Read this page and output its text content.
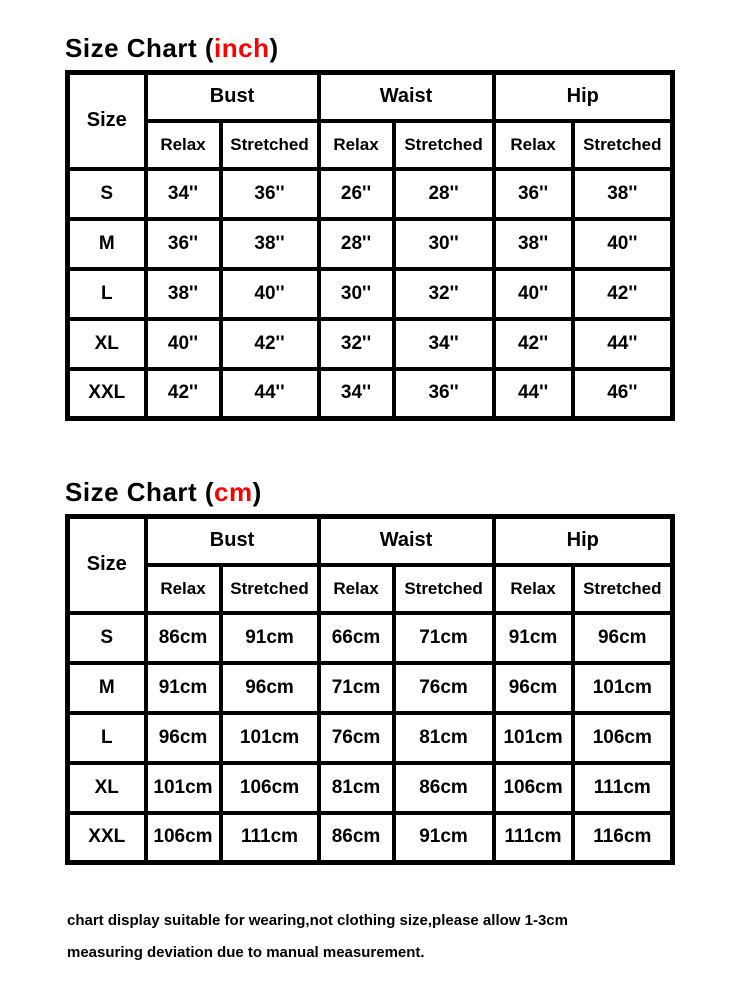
Size Chart (inch)
Size	Bust		Waist		Hip	
	Relax	Stretched	Relax	Stretched	Relax	Stretched
S	34''	36''	26''	28''	36''	38''
M	36''	38''	28''	30''	38''	40''
L	38''	40''	30''	32''	40''	42''
XL	40''	42''	32''	34''	42''	44''
XXL	42''	44''	34''	36''	44''	46''
Size Chart (cm)
Size	Bust		Waist		Hip	
	Relax	Stretched	Relax	Stretched	Relax	Stretched
S	86cm	91cm	66cm	71cm	91cm	96cm
M	91cm	96cm	71cm	76cm	96cm	101cm
L	96cm	101cm	76cm	81cm	101cm	106cm
XL	101cm	106cm	81cm	86cm	106cm	111cm
XXL	106cm	111cm	86cm	91cm	111cm	116cm
chart display suitable for wearing,not clothing size,please allow 1-3cm
measuring deviation due to manual measurement.
